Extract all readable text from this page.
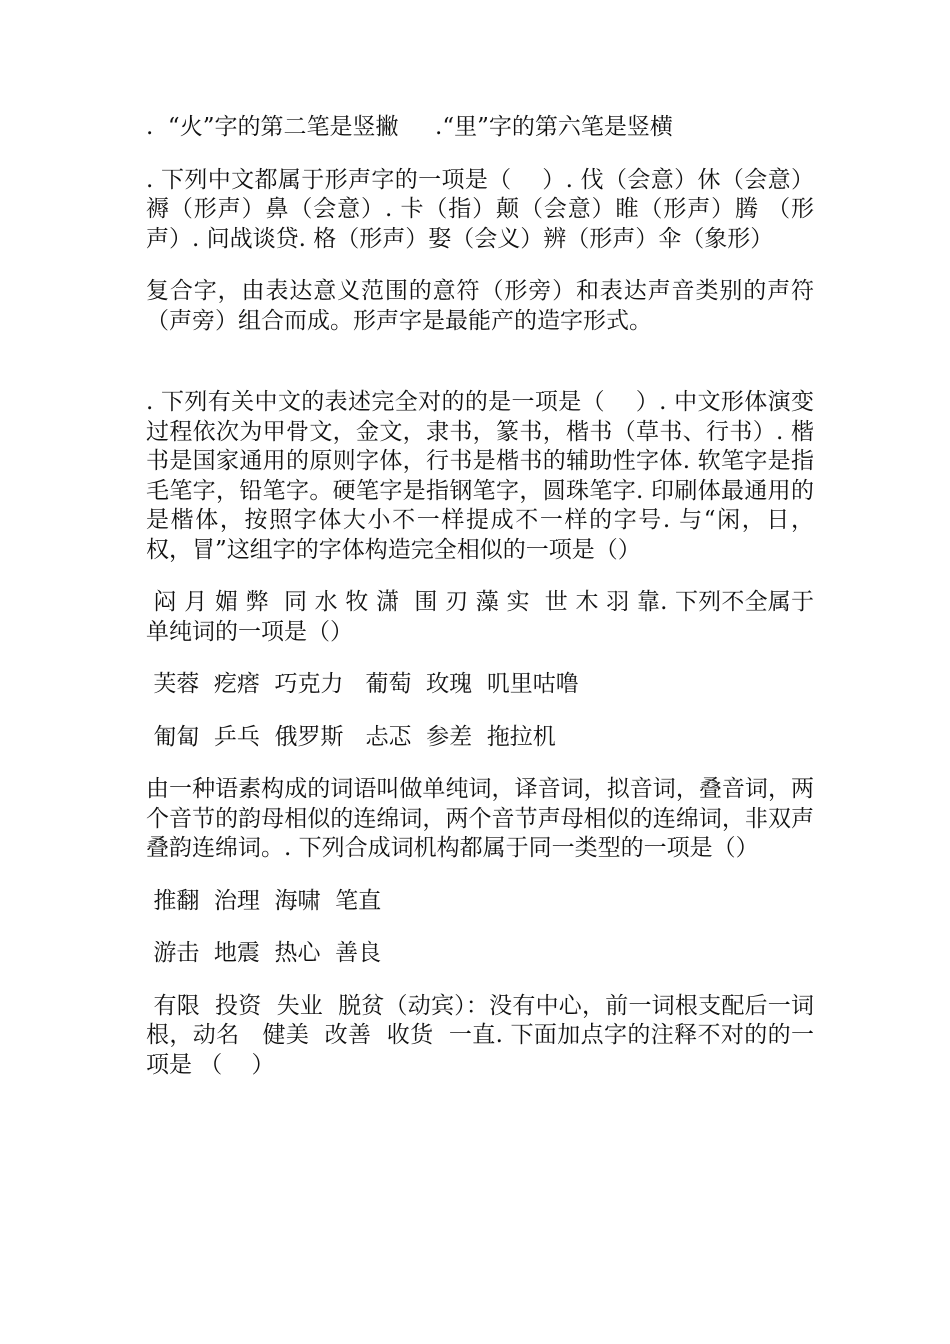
.  “火”字的第二笔是竖撇     .“里”字的第六笔是竖横

. 下列中文都属于形声字的一项是（    ）. 伐（会意）休（会意）褥（形声）鼻（会意）. 卡（指）颠（会意）睢（形声）腾 （形声）. 问战谈贷. 格（形声）娶（会义）辨（形声）伞（象形）

复合字，由表达意义范围的意符（形旁）和表达声音类别的声符（声旁）组合而成。形声字是最能产的造字形式。

. 下列有关中文的表述完全对的的是一项是（    ）. 中文形体演变过程依次为甲骨文，金文，隶书，篆书，楷书（草书、行书）. 楷书是国家通用的原则字体，行书是楷书的辅助性字体. 软笔字是指毛笔字，铅笔字。硬笔字是指钢笔字，圆珠笔字. 印刷体最通用的是楷体，按照字体大小不一样提成不一样的字号. 与“闲，日，权，冒”这组字的字体构造完全相似的一项是（）

闷 月 媚 弊  同 水 牧 潇  围 刃 藻 实  世 木 羽 靠. 下列不全属于单纯词的一项是（）

芙蓉  疙瘩  巧克力   葡萄  玫瑰  叽里咕噜

匍匐  乒乓  俄罗斯   忐忑  参差  拖拉机

由一种语素构成的词语叫做单纯词，译音词，拟音词，叠音词，两个音节的韵母相似的连绵词，两个音节声母相似的连绵词，非双声叠韵连绵词。. 下列合成词机构都属于同一类型的一项是（）

推翻  治理  海啸  笔直

游击  地震  热心  善良

有限  投资  失业  脱贫（动宾）：没有中心，前一词根支配后一词根，动名   健美  改善  收货  一直. 下面加点字的注释不对的的一项是 （    ）
